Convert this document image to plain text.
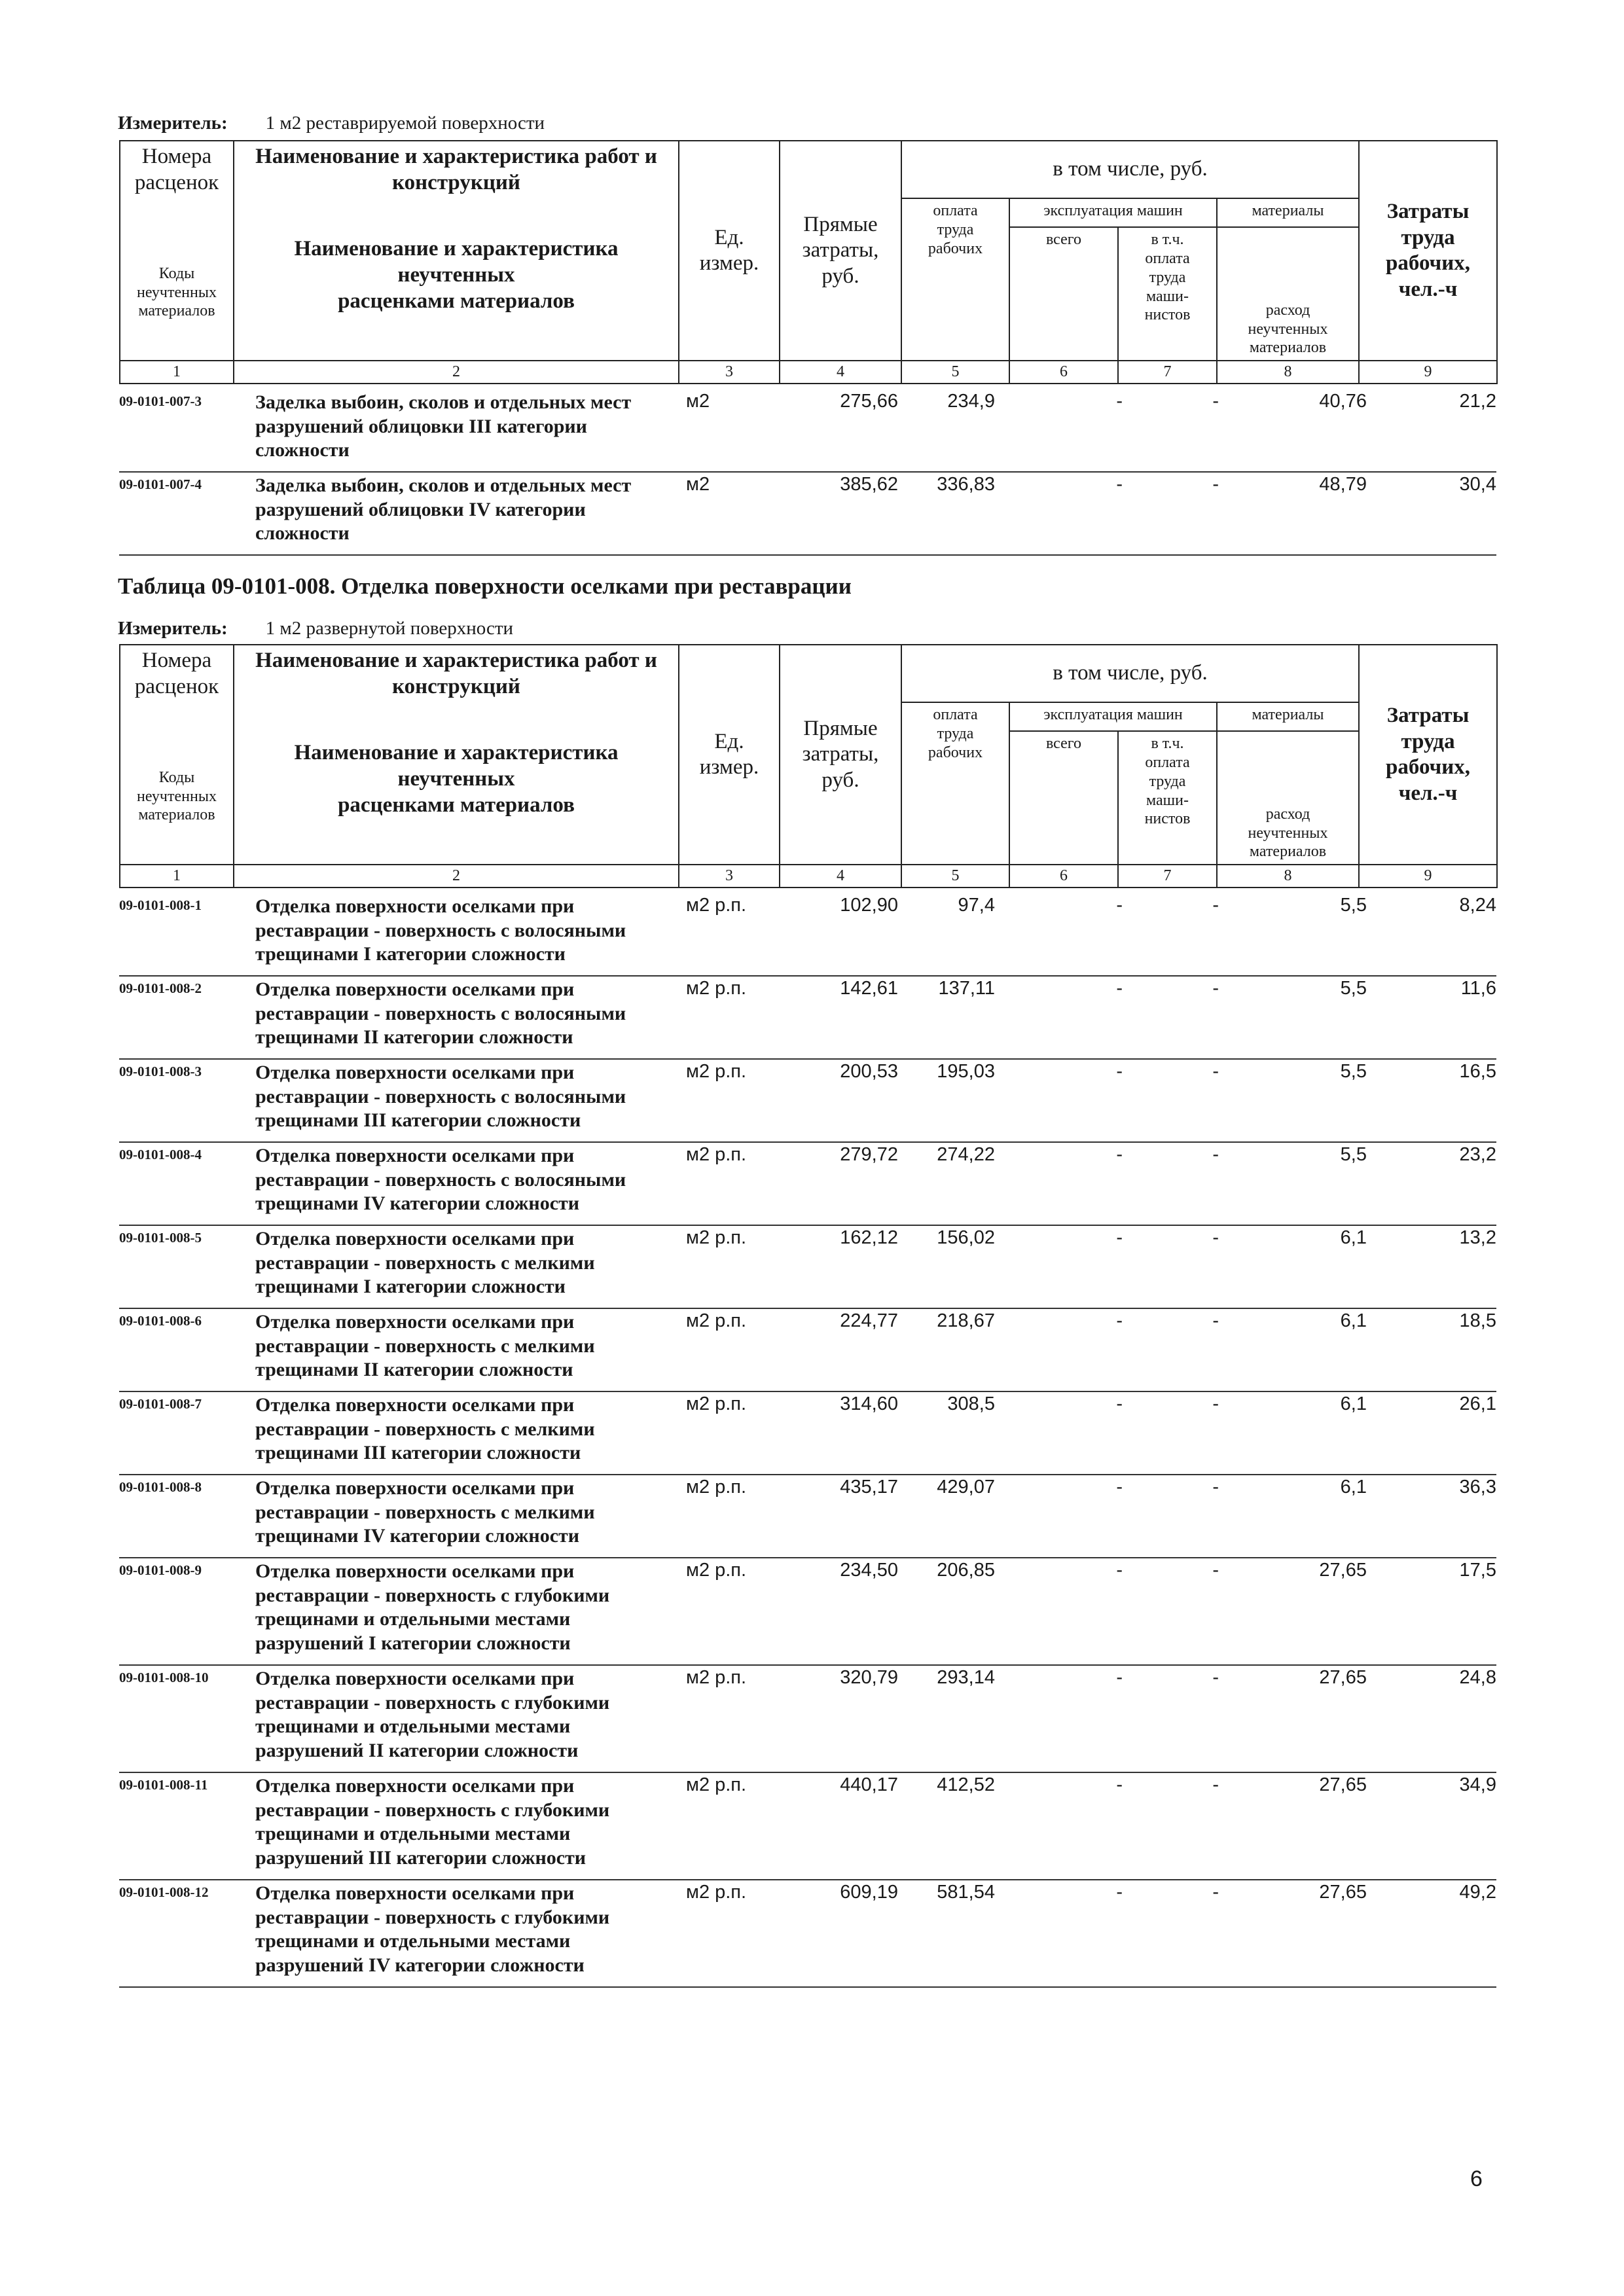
Измеритель: 1 м2 реставрируемой поверхности
Номера
расценок	Наименование и характеристика работ и
конструкций	Ед.
измер.	Прямые
затраты,
руб.	в том числе, руб.				Затраты
труда
рабочих,
чел.-ч
Коды
неучтенных
материалов	Наименование и характеристика неучтенных
расценками материалов			оплата
труда
рабочих	эксплуатация машин		материалы	
					всего	в т.ч.
оплата
труда
маши-
нистов	расход
неучтенных
материалов	
1	2	3	4	5	6	7	8	9
09-0101-007-3	Заделка выбоин, сколов и отдельных мест
разрушений облицовки III категории
сложности
м2	275,66	234,9	-	-	40,76	21,2
09-0101-007-4	Заделка выбоин, сколов и отдельных мест
разрушений облицовки IV категории
сложности
м2	385,62 336,83	-	-	48,79	30,4
Таблица 09-0101-008. Отделка поверхности оселками при реставрации
Измеритель: 1 м2 развернутой поверхности
Номера
расценок	Наименование и характеристика работ и
конструкций	Ед.
измер.	Прямые
затраты,
руб.	в том числе, руб.				Затраты
труда
рабочих,
чел.-ч
Коды
неучтенных
материалов	Наименование и характеристика неучтенных
расценками материалов			оплата
труда
рабочих	эксплуатация машин		материалы	
					всего	в т.ч.
оплата
труда
маши-
нистов	расход
неучтенных
материалов	
1	2	3	4	5	6	7	8	9
09-0101-008-1	Отделка поверхности оселками при
реставрации - поверхность с волосяными
трещинами I категории сложности
м2 р.п.	102,90	97,4	-	-	5,5	8,24
09-0101-008-2	Отделка поверхности оселками при
реставрации - поверхность с волосяными
трещинами II категории сложности
м2 р.п.	142,61 137,11	-	-	5,5	11,6
09-0101-008-3	Отделка поверхности оселками при
реставрации - поверхность с волосяными
трещинами III категории сложности
м2 р.п.	200,53 195,03	-	-	5,5	16,5
09-0101-008-4	Отделка поверхности оселками при
реставрации - поверхность с волосяными
трещинами IV категории сложности
м2 р.п.	279,72 274,22	-	-	5,5	23,2
09-0101-008-5	Отделка поверхности оселками при
реставрации - поверхность с мелкими
трещинами I категории сложности
м2 р.п.	162,12 156,02	-	-	6,1	13,2
09-0101-008-6	Отделка поверхности оселками при
реставрации - поверхность с мелкими
трещинами II категории сложности
м2 р.п.	224,77 218,67	-	-	6,1	18,5
09-0101-008-7	Отделка поверхности оселками при
реставрации - поверхность с мелкими
трещинами III категории сложности
м2 р.п.	314,60	308,5	-	-	6,1	26,1
09-0101-008-8	Отделка поверхности оселками при
реставрации - поверхность с мелкими
трещинами IV категории сложности
м2 р.п.	435,17 429,07	-	-	6,1	36,3
09-0101-008-9	Отделка поверхности оселками при
реставрации - поверхность с глубокими
трещинами и отдельными местами
разрушений I категории сложности
м2 р.п.	234,50 206,85	-	-	27,65	17,5
09-0101-008-10	Отделка поверхности оселками при
реставрации - поверхность с глубокими
трещинами и отдельными местами
разрушений II категории сложности
м2 р.п.	320,79 293,14	-	-	27,65	24,8
09-0101-008-11	Отделка поверхности оселками при
реставрации - поверхность с глубокими
трещинами и отдельными местами
разрушений III категории сложности
м2 р.п.	440,17 412,52	-	-	27,65	34,9
09-0101-008-12	Отделка поверхности оселками при
реставрации - поверхность с глубокими
трещинами и отдельными местами
разрушений IV категории сложности
м2 р.п.	609,19 581,54	-	-	27,65	49,2
6
